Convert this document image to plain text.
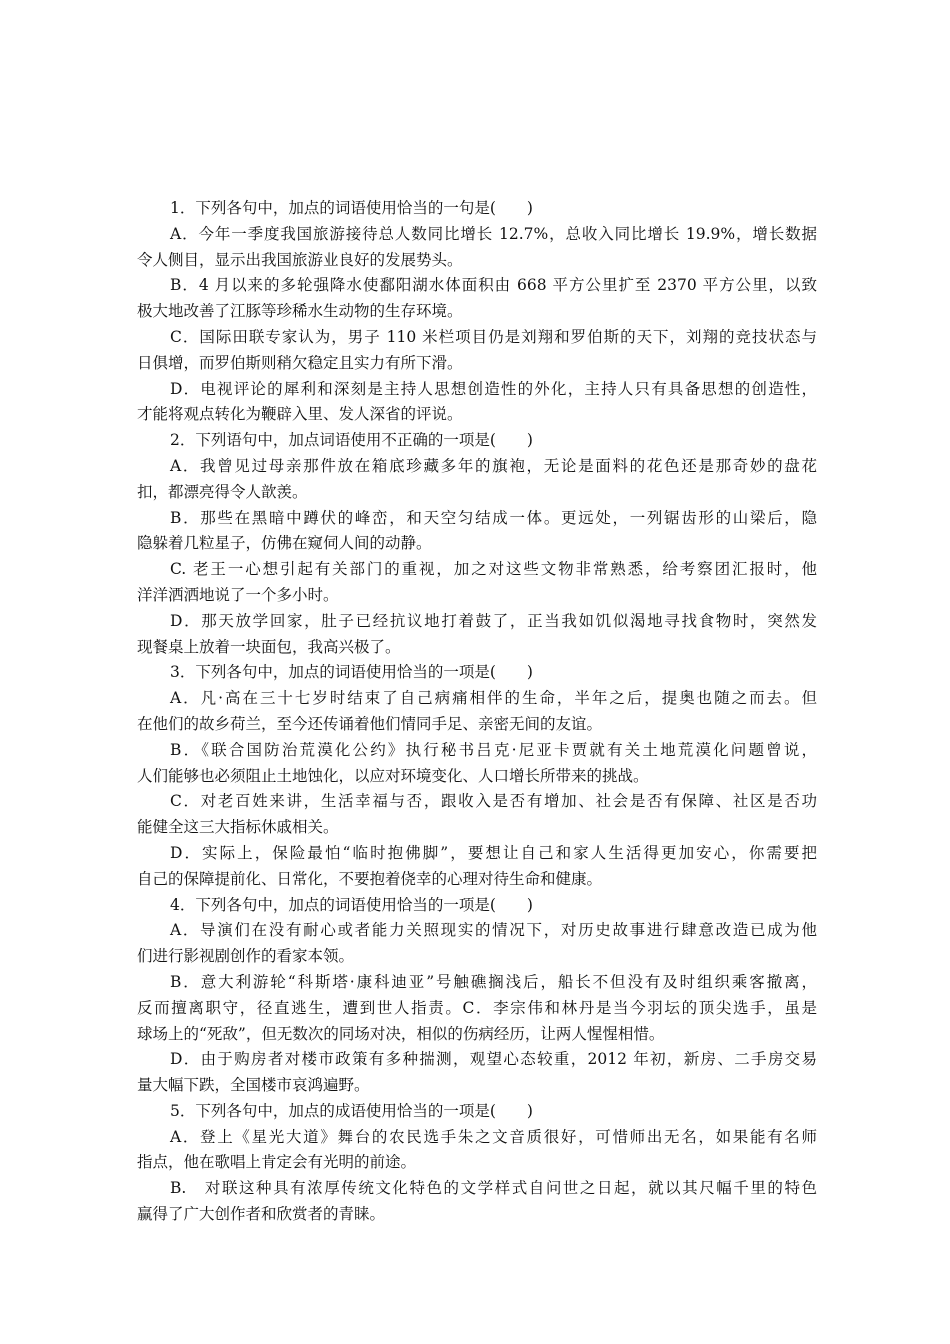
1．下列各句中，加点的词语使用恰当的一句是(　　)
A．今年一季度我国旅游接待总人数同比增长 12.7%，总收入同比增长 19.9%，增长数据
令人侧目，显示出我国旅游业良好的发展势头。
B．4 月以来的多轮强降水使鄱阳湖水体面积由 668 平方公里扩至 2370 平方公里，以致
极大地改善了江豚等珍稀水生动物的生存环境。
C．国际田联专家认为，男子 110 米栏项目仍是刘翔和罗伯斯的天下，刘翔的竞技状态与
日俱增，而罗伯斯则稍欠稳定且实力有所下滑。
D．电视评论的犀利和深刻是主持人思想创造性的外化，主持人只有具备思想的创造性，
才能将观点转化为鞭辟入里、发人深省的评说。
2．下列语句中，加点词语使用不正确的一项是(　　)
A．我曾见过母亲那件放在箱底珍藏多年的旗袍，无论是面料的花色还是那奇妙的盘花
扣，都漂亮得令人歆羡。
B．那些在黑暗中蹲伏的峰峦，和天空匀结成一体。更远处，一列锯齿形的山梁后，隐
隐躲着几粒星子，仿佛在窥伺人间的动静。
C. 老王一心想引起有关部门的重视，加之对这些文物非常熟悉，给考察团汇报时，他
洋洋洒洒地说了一个多小时。
D．那天放学回家，肚子已经抗议地打着鼓了，正当我如饥似渴地寻找食物时，突然发
现餐桌上放着一块面包，我高兴极了。
3．下列各句中，加点的词语使用恰当的一项是(　　)
A．凡·高在三十七岁时结束了自己病痛相伴的生命，半年之后，提奥也随之而去。但
在他们的故乡荷兰，至今还传诵着他们情同手足、亲密无间的友谊。
B．《联合国防治荒漠化公约》执行秘书吕克·尼亚卡贾就有关土地荒漠化问题曾说，
人们能够也必须阻止土地蚀化，以应对环境变化、人口增长所带来的挑战。
C．对老百姓来讲，生活幸福与否，跟收入是否有增加、社会是否有保障、社区是否功
能健全这三大指标休戚相关。
D．实际上，保险最怕“临时抱佛脚”，要想让自己和家人生活得更加安心，你需要把
自己的保障提前化、日常化，不要抱着侥幸的心理对待生命和健康。
4．下列各句中，加点的词语使用恰当的一项是(　　)
A．导演们在没有耐心或者能力关照现实的情况下，对历史故事进行肆意改造已成为他
们进行影视剧创作的看家本领。
B．意大利游轮“科斯塔·康科迪亚”号触礁搁浅后，船长不但没有及时组织乘客撤离，
反而擅离职守，径直逃生，遭到世人指责。C．李宗伟和林丹是当今羽坛的顶尖选手，虽是
球场上的“死敌”，但无数次的同场对决，相似的伤病经历，让两人惺惺相惜。
D．由于购房者对楼市政策有多种揣测，观望心态较重，2012 年初，新房、二手房交易
量大幅下跌，全国楼市哀鸿遍野。
5．下列各句中，加点的成语使用恰当的一项是(　　)
A．登上《星光大道》舞台的农民选手朱之文音质很好，可惜师出无名，如果能有名师
指点，他在歌唱上肯定会有光明的前途。
B.　对联这种具有浓厚传统文化特色的文学样式自问世之日起，就以其尺幅千里的特色
赢得了广大创作者和欣赏者的青睐。
